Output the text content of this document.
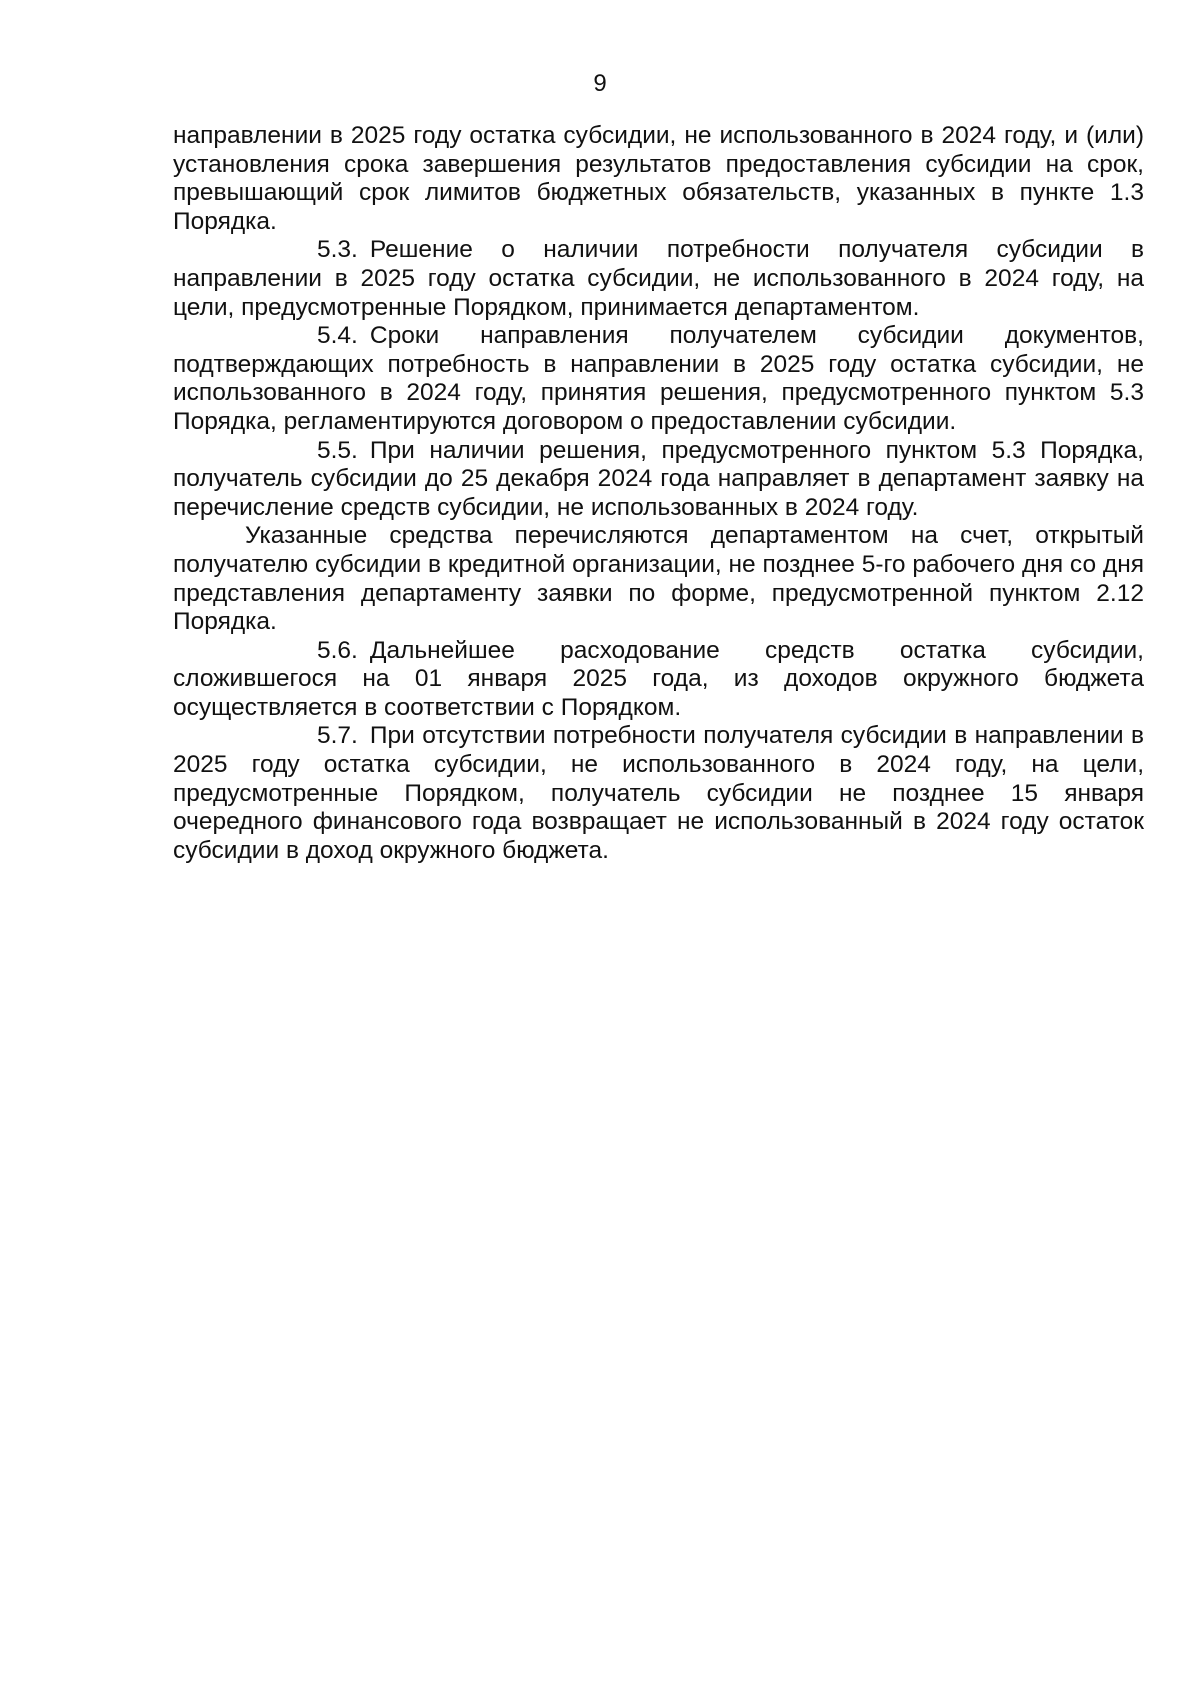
9

направлении в 2025 году остатка субсидии, не использованного в 2024 году, и (или) установления срока завершения результатов предоставления субсидии на срок, превышающий срок лимитов бюджетных обязательств, указанных в пункте 1.3 Порядка.

5.3. Решение о наличии потребности получателя субсидии в направлении в 2025 году остатка субсидии, не использованного в 2024 году, на цели, предусмотренные Порядком, принимается департаментом.

5.4. Сроки направления получателем субсидии документов, подтверждающих потребность в направлении в 2025 году остатка субсидии, не использованного в 2024 году, принятия решения, предусмотренного пунктом 5.3 Порядка, регламентируются договором о предоставлении субсидии.

5.5. При наличии решения, предусмотренного пунктом 5.3 Порядка, получатель субсидии до 25 декабря 2024 года направляет в департамент заявку на перечисление средств субсидии, не использованных в 2024 году.

Указанные средства перечисляются департаментом на счет, открытый получателю субсидии в кредитной организации, не позднее 5-го рабочего дня со дня представления департаменту заявки по форме, предусмотренной пунктом 2.12 Порядка.

5.6. Дальнейшее расходование средств остатка субсидии, сложившегося на 01 января 2025 года, из доходов окружного бюджета осуществляется в соответствии с Порядком.

5.7. При отсутствии потребности получателя субсидии в направлении в 2025 году остатка субсидии, не использованного в 2024 году, на цели, предусмотренные Порядком, получатель субсидии не позднее 15 января очередного финансового года возвращает не использованный в 2024 году остаток субсидии в доход окружного бюджета.
